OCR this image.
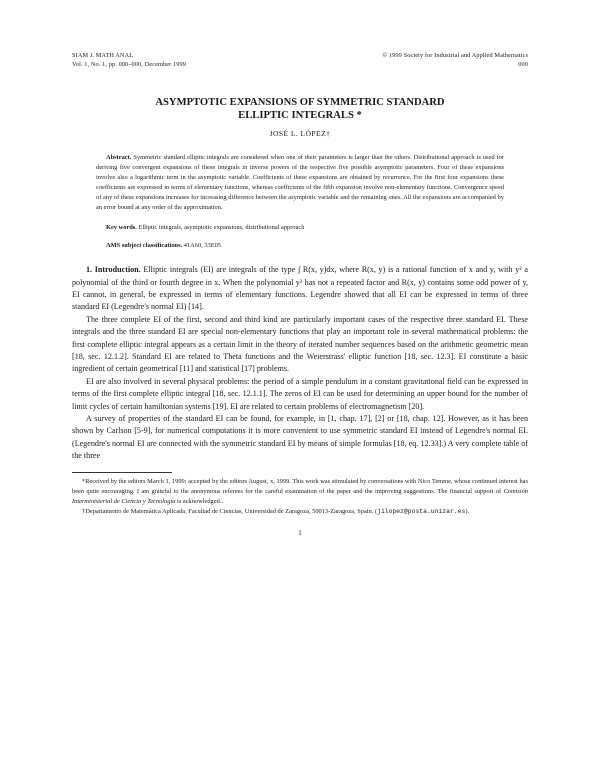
SIAM J. MATH ANAL
Vol. 1, No. 1, pp. 000–000, December 1999
© 1999 Society for Industrial and Applied Mathematics
000
ASYMPTOTIC EXPANSIONS OF SYMMETRIC STANDARD
ELLIPTIC INTEGRALS *
JOSÉ L. LÓPEZ†

Abstract. Symmetric standard elliptic integrals are considered when one of their parameters is larger than the others. Distributional approach is used for deriving five convergent expansions of these integrals in inverse powers of the respective five possible asymptotic parameters. Four of these expansions involve also a logarithmic term in the asymptotic variable. Coefficients of these expansions are obtained by recurrence. For the first four expansions these coefficients are expressed in terms of elementary functions, whereas coefficients of the fifth expansion involve non-elementary functions. Convergence speed of any of these expansions increases for increasing difference between the asymptotic variable and the remaining ones. All the expansions are accompanied by an error bound at any order of the approximation.

Key words. Elliptic integrals, asymptotic expansions, distributional approach

AMS subject classifications. 41A60, 33E05

1. Introduction. Elliptic integrals (EI) are integrals of the type ∫ R(x, y)dx, where R(x, y) is a rational function of x and y, with y² a polynomial of the third or fourth degree in x. When the polynomial y² has not a repeated factor and R(x, y) contains some odd power of y, EI cannot, in general, be expressed in terms of elementary functions. Legendre showed that all EI can be expressed in terms of three standard EI (Legendre's normal EI) [14].

The three complete EI of the first, second and third kind are particularly important cases of the respective three standard EI. These integrals and the three standard EI are special non-elementary functions that play an important role in several mathematical problems: the first complete elliptic integral appears as a certain limit in the theory of iterated number sequences based on the arithmetic geometric mean [18, sec. 12.1.2]. Standard EI are related to Theta functions and the Weierstrass' elliptic function [18, sec. 12.3]. EI constitute a basic ingredient of certain geometrical [11] and statistical [17] problems.

EI are also involved in several physical problems: the period of a simple pendulum in a constant gravitational field can be expressed in terms of the first complete elliptic integral [18, sec. 12.1.1]. The zeros of EI can be used for determining an upper bound for the number of limit cycles of certain hamiltonian systems [19]. EI are related to certain problems of electromagnetism [20].

A survey of properties of the standard EI can be found, for example, in [1, chap. 17], [2] or [18, chap. 12]. However, as it has been shown by Carlson [5-9], for numerical computations it is more convenient to use symmetric standard EI instead of Legendre's normal EI. (Legendre's normal EI are connected with the symmetric standard EI by means of simple formulas [18, eq. 12.33].) A very complete table of the three

*Received by the editors March 1, 1999; accepted by the editors August, x, 1999. This work was stimulated by conversations with Nico Temme, whose continued interest has been quite encouraging. I am grateful to the anonymous referees for the careful examination of the paper and the improving suggestions. The financial support of Comisión Interministerial de Ciencia y Tecnología is acknowledged..

†Departamento de Matemática Aplicada, Facultad de Ciencias, Universidad de Zaragoza, 50013-Zaragoza, Spain. (jilopez@posta.unizar.es).

1
